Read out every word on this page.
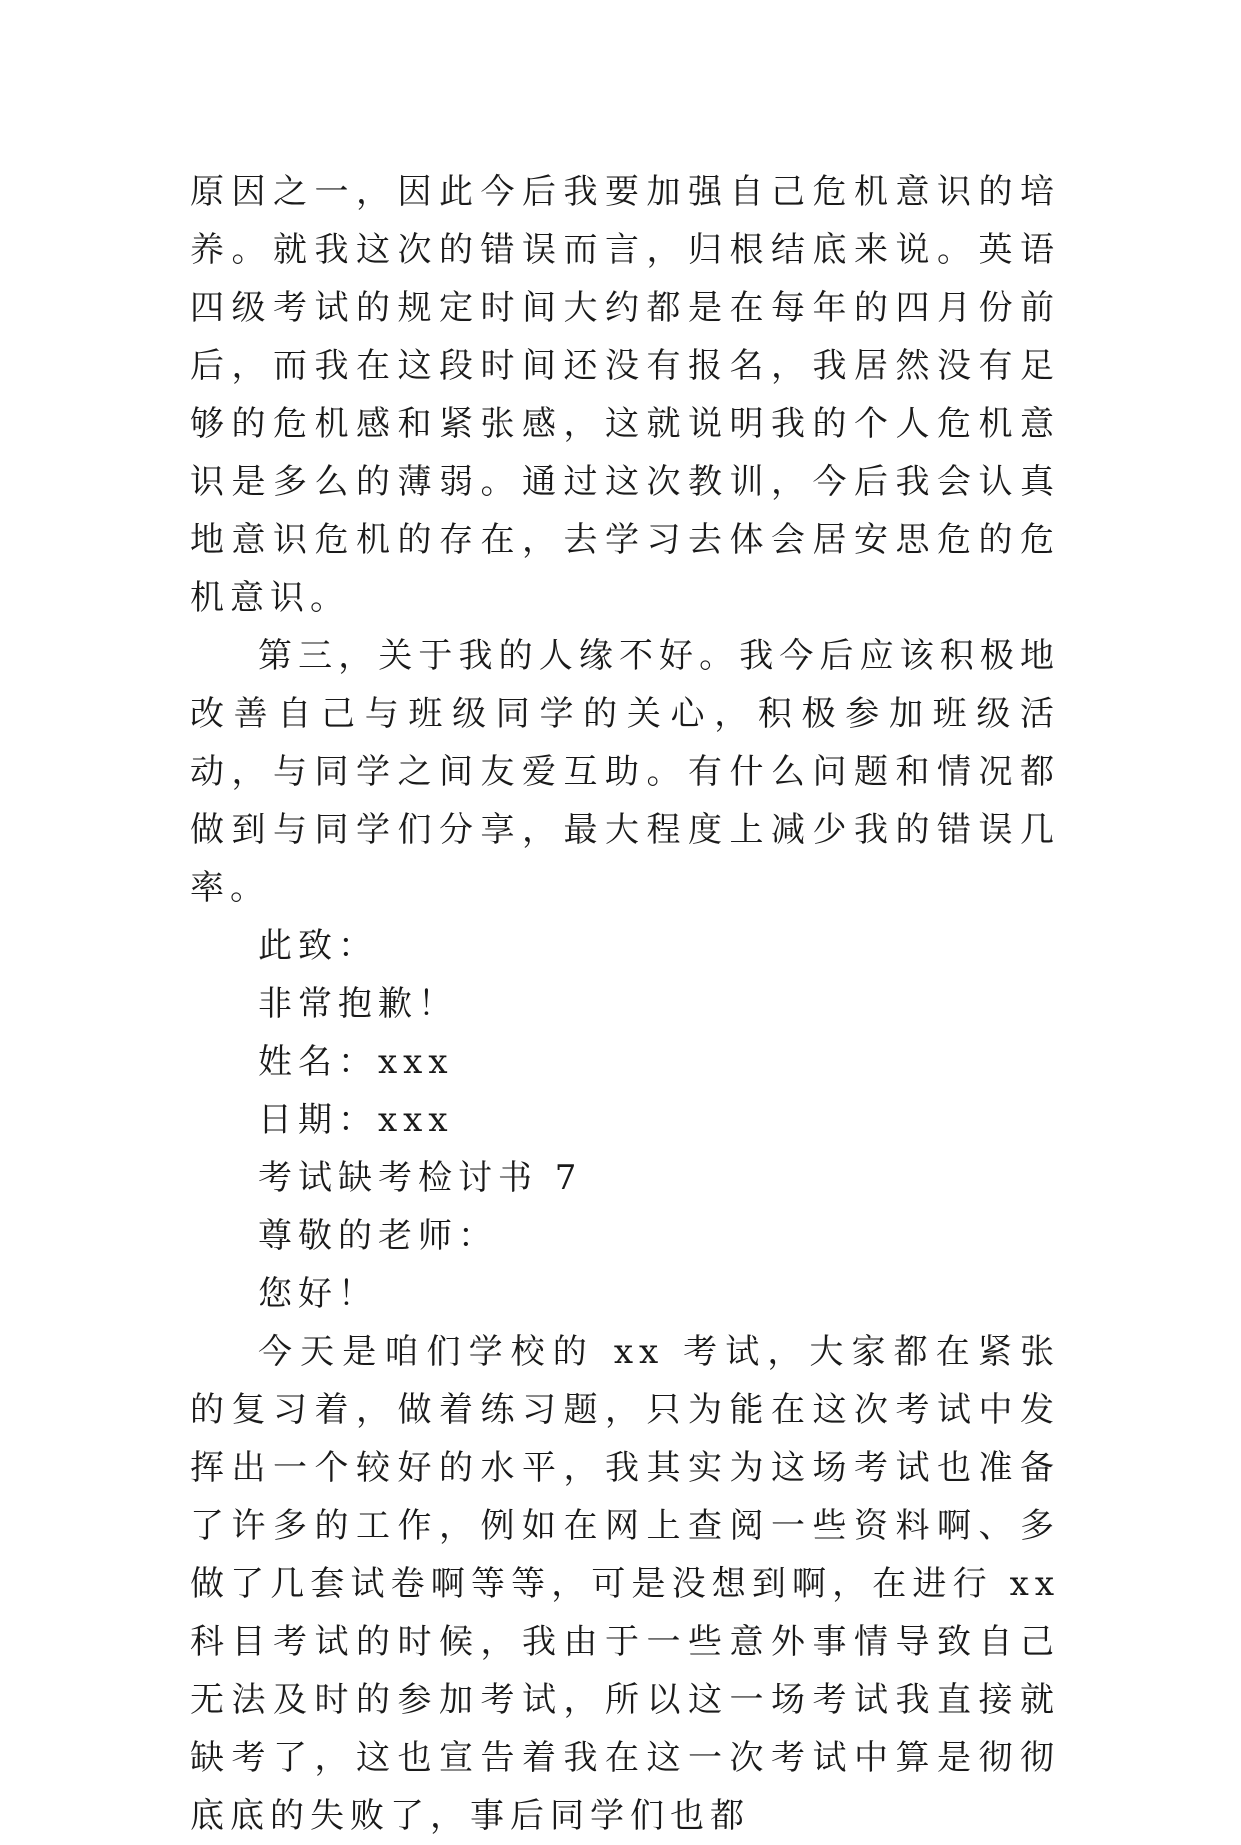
原因之一，因此今后我要加强自己危机意识的培养。就我这次的错误而言，归根结底来说。英语四级考试的规定时间大约都是在每年的四月份前后，而我在这段时间还没有报名，我居然没有足够的危机感和紧张感，这就说明我的个人危机意识是多么的薄弱。通过这次教训，今后我会认真地意识危机的存在，去学习去体会居安思危的危机意识。

第三，关于我的人缘不好。我今后应该积极地改善自己与班级同学的关心，积极参加班级活动，与同学之间友爱互助。有什么问题和情况都做到与同学们分享，最大程度上减少我的错误几率。

此致：

非常抱歉！

姓名：xxx

日期：xxx

考试缺考检讨书 7

尊敬的老师：

您好！

今天是咱们学校的 xx 考试，大家都在紧张的复习着，做着练习题，只为能在这次考试中发挥出一个较好的水平，我其实为这场考试也准备了许多的工作，例如在网上查阅一些资料啊、多做了几套试卷啊等等，可是没想到啊，在进行 xx 科目考试的时候，我由于一些意外事情导致自己无法及时的参加考试，所以这一场考试我直接就缺考了，这也宣告着我在这一次考试中算是彻彻底底的失败了，事后同学们也都
